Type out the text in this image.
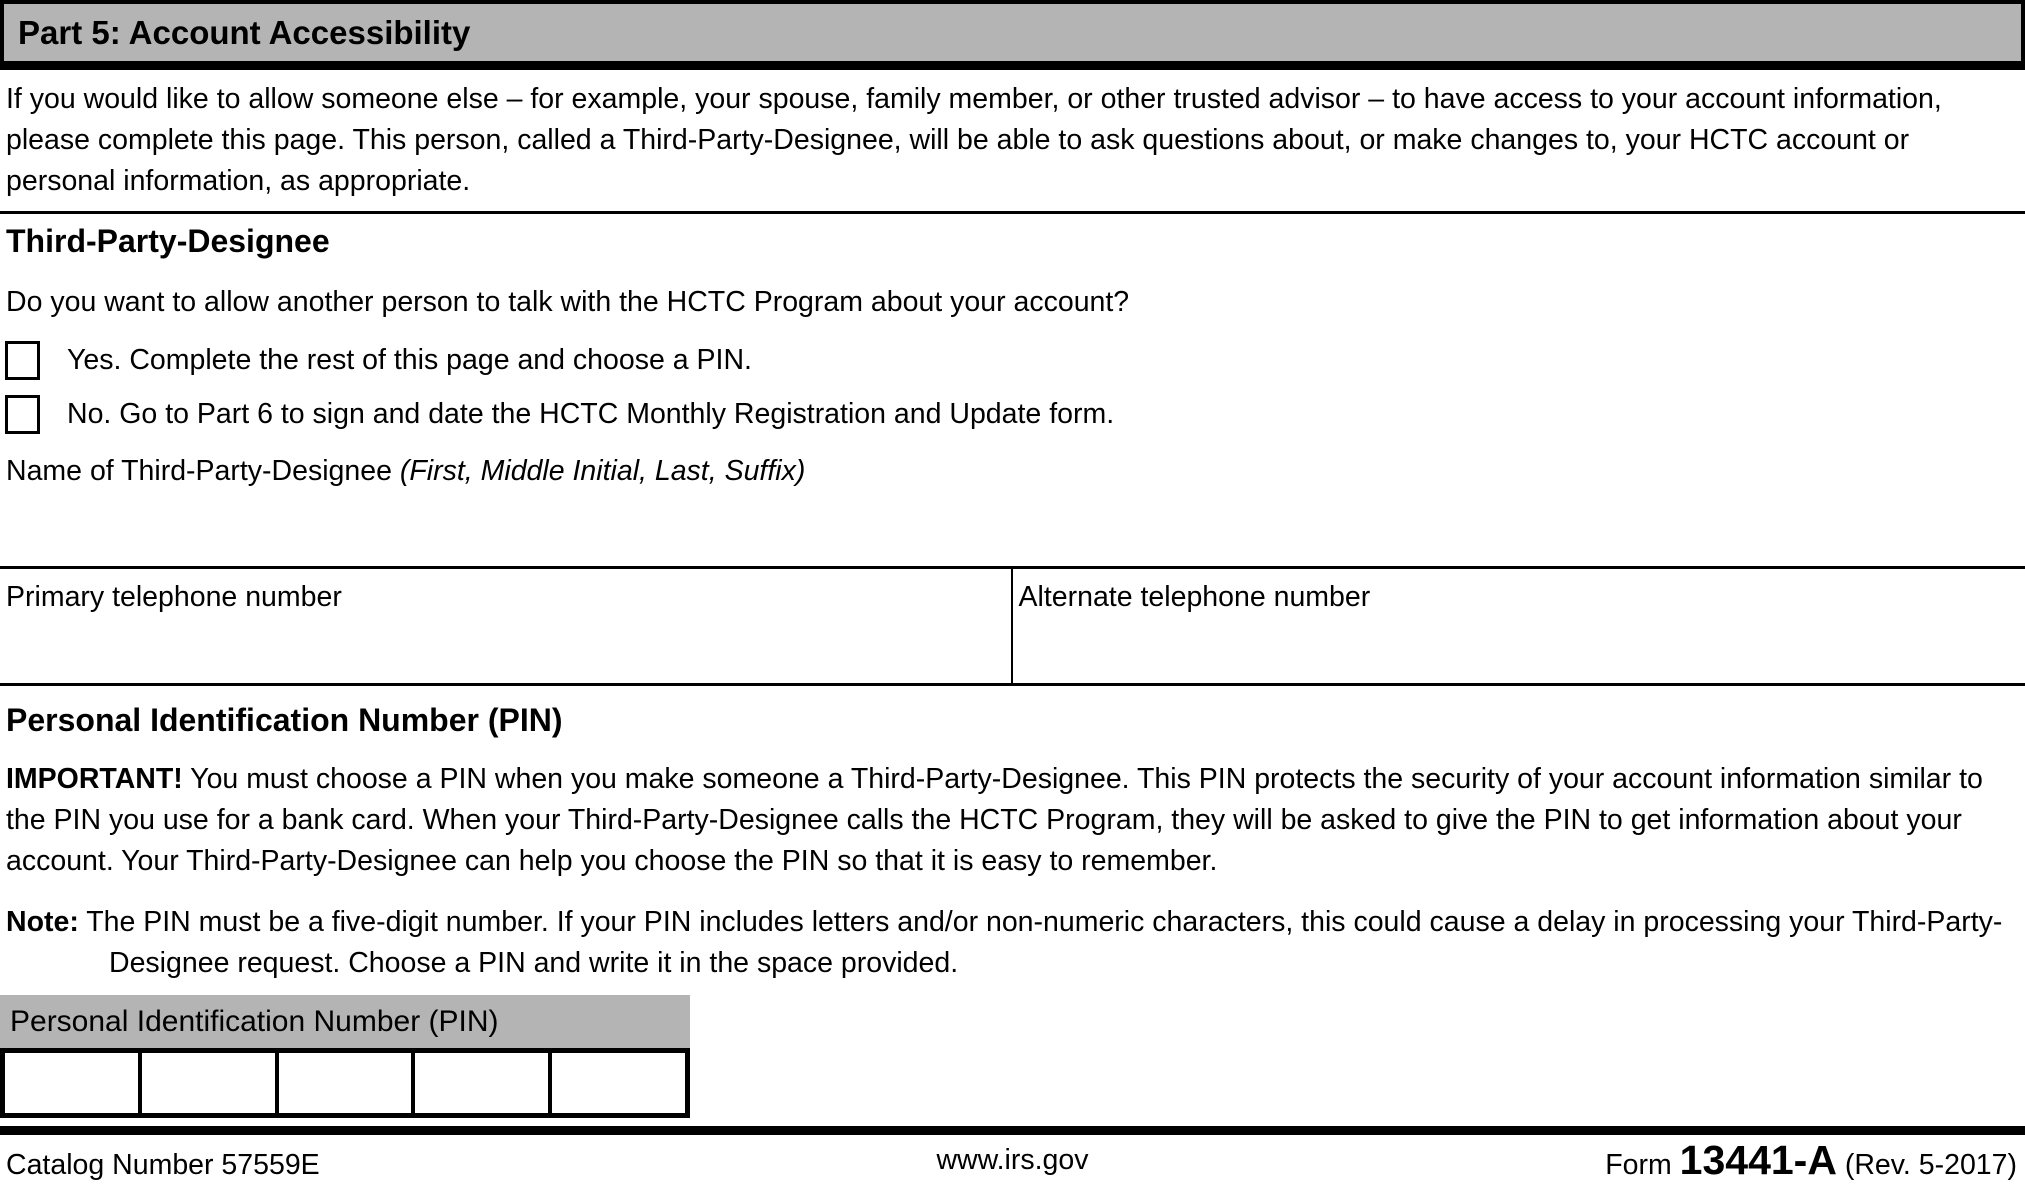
Part 5: Account Accessibility

If you would like to allow someone else – for example, your spouse, family member, or other trusted advisor – to have access to your account information, please complete this page. This person, called a Third-Party-Designee, will be able to ask questions about, or make changes to, your HCTC account or personal information, as appropriate.

Third-Party-Designee
Do you want to allow another person to talk with the HCTC Program about your account?
Yes. Complete the rest of this page and choose a PIN.
No. Go to Part 6 to sign and date the HCTC Monthly Registration and Update form.
Name of Third-Party-Designee (First, Middle Initial, Last, Suffix)
Primary telephone number	Alternate telephone number
Personal Identification Number (PIN)

IMPORTANT! You must choose a PIN when you make someone a Third-Party-Designee. This PIN protects the security of your account information similar to the PIN you use for a bank card. When your Third-Party-Designee calls the HCTC Program, they will be asked to give the PIN to get information about your account. Your Third-Party-Designee can help you choose the PIN so that it is easy to remember.

Note: The PIN must be a five-digit number. If your PIN includes letters and/or non-numeric characters, this could cause a delay in processing your Third-Party-Designee request. Choose a PIN and write it in the space provided.

Personal Identification Number (PIN)
Catalog Number 57559E	www.irs.gov	Form 13441-A (Rev. 5-2017)
